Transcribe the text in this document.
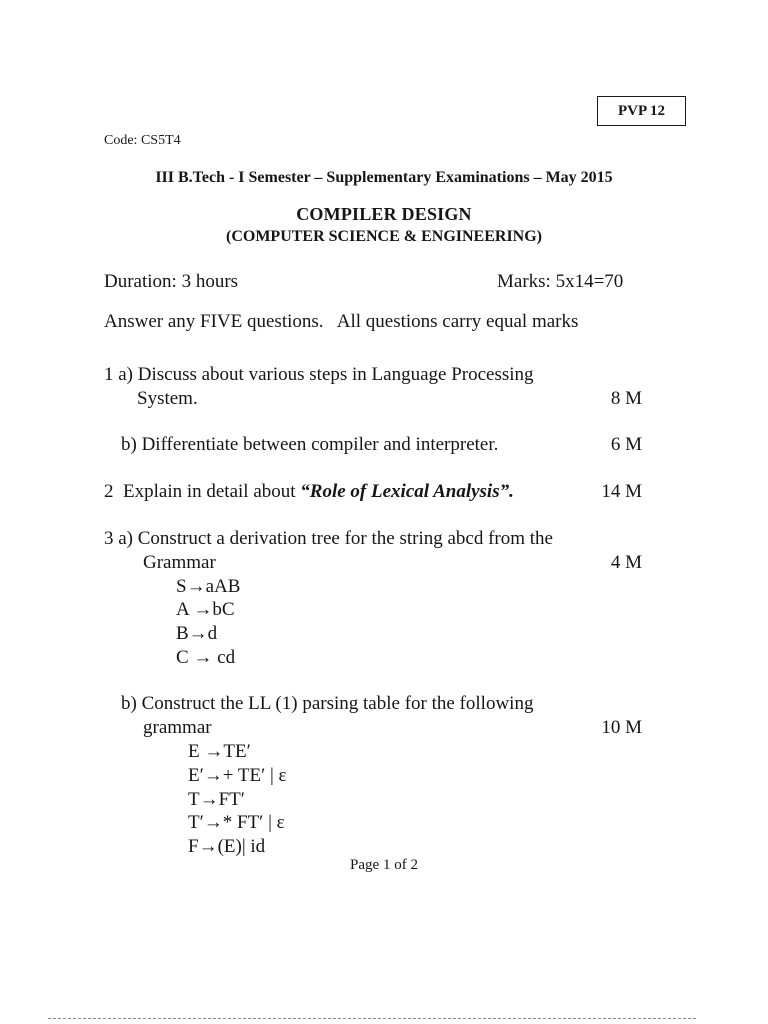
PVP 12
Code: CS5T4
III B.Tech - I Semester – Supplementary Examinations – May 2015
COMPILER DESIGN
(COMPUTER SCIENCE & ENGINEERING)
Duration: 3 hours	Marks: 5x14=70
Answer any FIVE questions.   All questions carry equal marks
1 a) Discuss about various steps in Language Processing
System.	8 M
b) Differentiate between compiler and interpreter.	6 M
2  Explain in detail about “Role of Lexical Analysis”.	14 M
3 a) Construct a derivation tree for the string abcd from the
Grammar	4 M
S→aAB
A →bC
B→d
C → cd
b) Construct the LL (1) parsing table for the following
grammar	10 M
E →TE′
E′→+ TE′ | ε
T→FT′
T′→* FT′ | ε
F→(E)| id
Page 1 of 2
